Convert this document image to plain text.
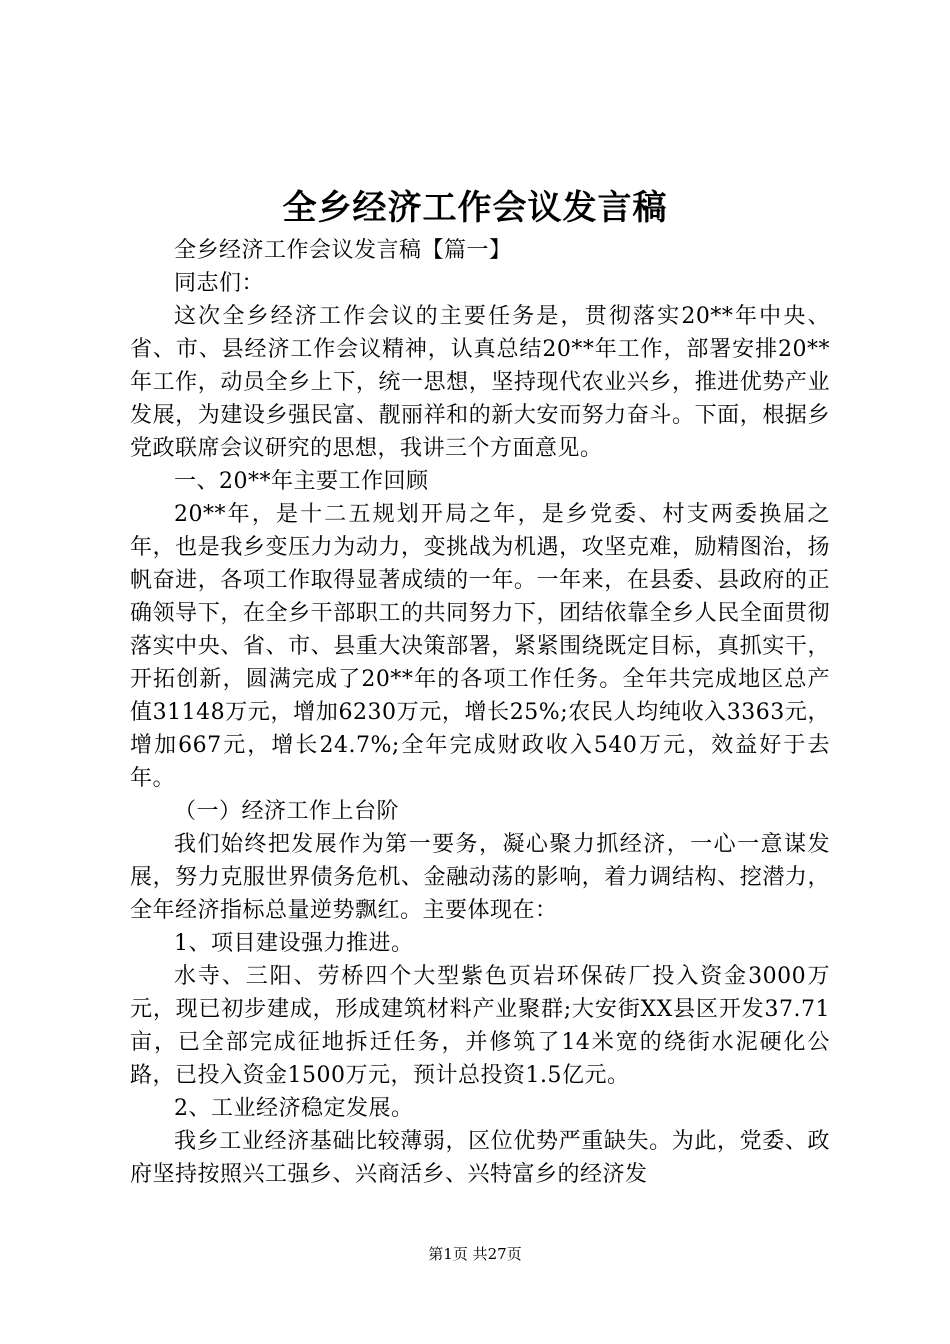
全乡经济工作会议发言稿

全乡经济工作会议发言稿【篇一】

同志们：

这次全乡经济工作会议的主要任务是，贯彻落实20**年中央、省、市、县经济工作会议精神，认真总结20**年工作，部署安排20**年工作，动员全乡上下，统一思想，坚持现代农业兴乡，推进优势产业发展，为建设乡强民富、靓丽祥和的新大安而努力奋斗。下面，根据乡党政联席会议研究的思想，我讲三个方面意见。

一、20**年主要工作回顾

20**年，是十二五规划开局之年，是乡党委、村支两委换届之年，也是我乡变压力为动力，变挑战为机遇，攻坚克难，励精图治，扬帆奋进，各项工作取得显著成绩的一年。一年来，在县委、县政府的正确领导下，在全乡干部职工的共同努力下，团结依靠全乡人民全面贯彻落实中央、省、市、县重大决策部署，紧紧围绕既定目标，真抓实干，开拓创新，圆满完成了20**年的各项工作任务。全年共完成地区总产值31148万元，增加6230万元，增长25%;农民人均纯收入3363元，增加667元，增长24.7%;全年完成财政收入540万元，效益好于去年。

（一）经济工作上台阶

我们始终把发展作为第一要务，凝心聚力抓经济，一心一意谋发展，努力克服世界债务危机、金融动荡的影响，着力调结构、挖潜力，全年经济指标总量逆势飘红。主要体现在：

1、项目建设强力推进。

水寺、三阳、劳桥四个大型紫色页岩环保砖厂投入资金3000万元，现已初步建成，形成建筑材料产业聚群;大安街XX县区开发37.71亩，已全部完成征地拆迁任务，并修筑了14米宽的绕街水泥硬化公路，已投入资金1500万元，预计总投资1.5亿元。

2、工业经济稳定发展。

我乡工业经济基础比较薄弱，区位优势严重缺失。为此，党委、政府坚持按照兴工强乡、兴商活乡、兴特富乡的经济发

第1页 共27页
